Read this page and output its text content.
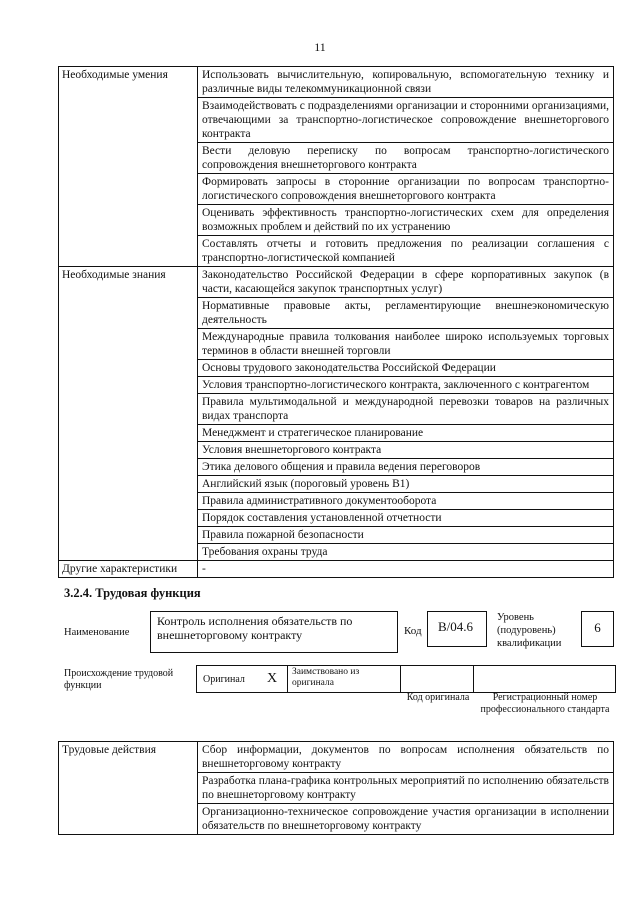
11
Необходимые умения	Использовать вычислительную, копировальную, вспомогательную технику и различные виды телекоммуникационной связи
	Взаимодействовать с подразделениями организации и сторонними организациями, отвечающими за транспортно-логистическое сопровождение внешнеторгового контракта
	Вести деловую переписку по вопросам транспортно-логистического сопровождения внешнеторгового контракта
	Формировать запросы в сторонние организации по вопросам транспортно-логистического сопровождения внешнеторгового контракта
	Оценивать эффективность транспортно-логистических схем для определения возможных проблем и действий по их устранению
	Составлять отчеты и готовить предложения по реализации соглашения с транспортно-логистической компанией
Необходимые знания	Законодательство Российской Федерации в сфере корпоративных закупок (в части, касающейся закупок транспортных услуг)
	Нормативные правовые акты, регламентирующие внешнеэкономическую деятельность
	Международные правила толкования наиболее широко используемых торговых терминов в области внешней торговли
	Основы трудового законодательства Российской Федерации
	Условия транспортно-логистического контракта, заключенного с контрагентом
	Правила мультимодальной и международной перевозки товаров на различных видах транспорта
	Менеджмент и стратегическое планирование
	Условия внешнеторгового контракта
	Этика делового общения и правила ведения переговоров
	Английский язык (пороговый уровень В1)
	Правила административного документооборота
	Порядок составления установленной отчетности
	Правила пожарной безопасности
	Требования охраны труда
Другие характеристики	-
3.2.4. Трудовая функция
Наименование
Контроль исполнения обязательств по внешнеторговому контракту	Код	В/04.6
Уровень (подуровень) квалификации
6
Происхождение трудовой функции
Оригинал	Х	Заимствовано из оригинала
Код оригинала	Регистрационный номер профессионального стандарта
Трудовые действия	Сбор информации, документов по вопросам исполнения обязательств по внешнеторговому контракту
Разработка плана-графика контрольных мероприятий по исполнению обязательств по внешнеторговому контракту
Организационно-техническое сопровождение участия организации в исполнении обязательств по внешнеторговому контракту
